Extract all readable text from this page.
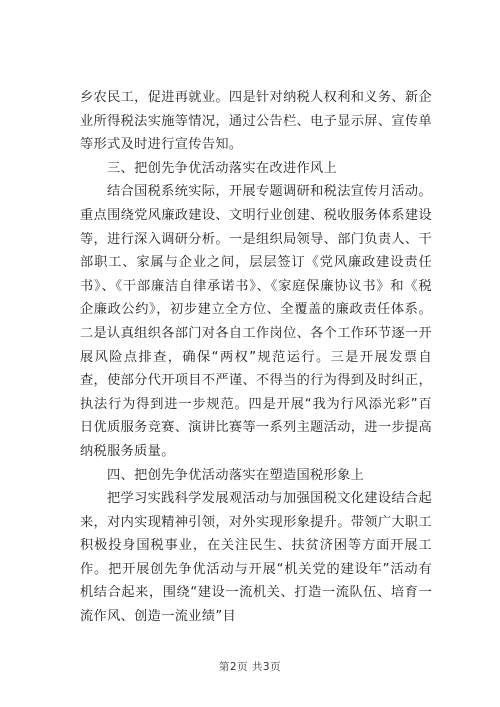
乡农民工，促进再就业。四是针对纳税人权利和义务、新企业所得税法实施等情况，通过公告栏、电子显示屏、宣传单等形式及时进行宣传告知。

三、把创先争优活动落实在改进作风上

结合国税系统实际，开展专题调研和税法宣传月活动。重点围绕党风廉政建设、文明行业创建、税收服务体系建设等，进行深入调研分析。一是组织局领导、部门负责人、干部职工、家属与企业之间，层层签订《党风廉政建设责任书》、《干部廉洁自律承诺书》、《家庭保廉协议书》和《税企廉政公约》，初步建立全方位、全覆盖的廉政责任体系。二是认真组织各部门对各自工作岗位、各个工作环节逐一开展风险点排查，确保“两权”规范运行。三是开展发票自查，使部分代开项目不严谨、不得当的行为得到及时纠正，执法行为得到进一步规范。四是开展“我为行风添光彩”百日优质服务竞赛、演讲比赛等一系列主题活动，进一步提高纳税服务质量。

四、把创先争优活动落实在塑造国税形象上

把学习实践科学发展观活动与加强国税文化建设结合起来，对内实现精神引领，对外实现形象提升。带领广大职工积极投身国税事业，在关注民生、扶贫济困等方面开展工作。把开展创先争优活动与开展“机关党的建设年”活动有机结合起来，围绕“建设一流机关、打造一流队伍、培育一流作风、创造一流业绩”目

第2页 共3页
